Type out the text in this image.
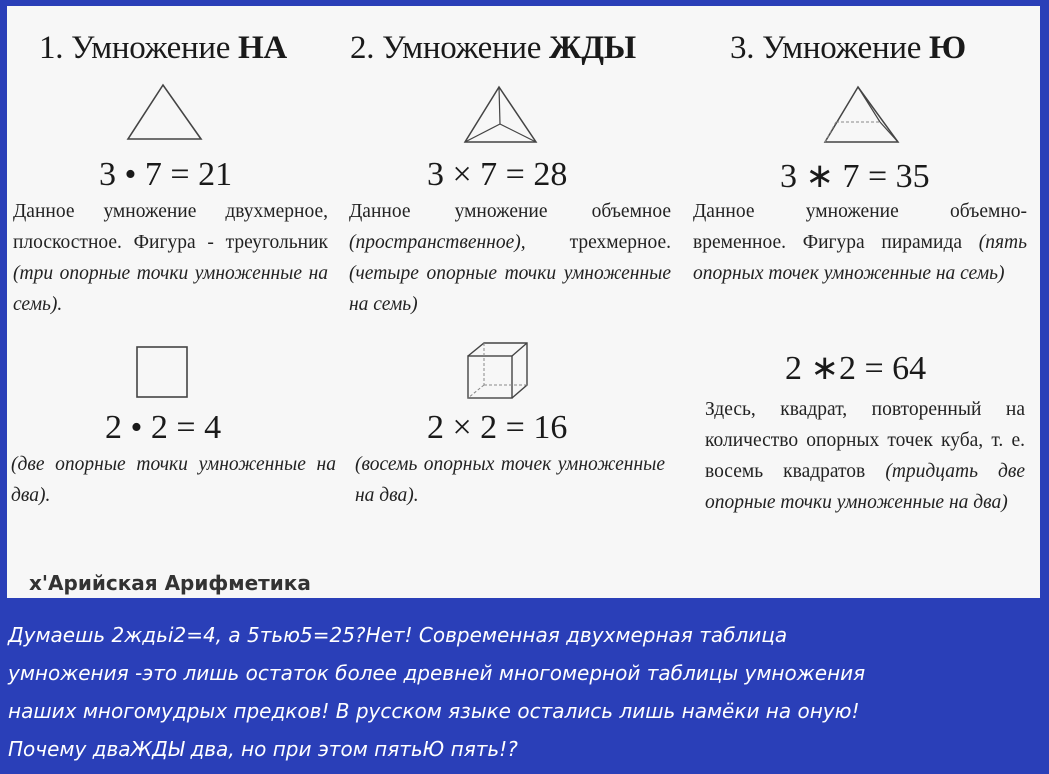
1. Умножение НА
3 • 7 = 21
Данное умножение двухмерное, плоскостное. Фигура - треугольник (три опорные точки умноженные на семь).
2 • 2 = 4
(две опорные точки умноженные на два).
2. Умножение ЖДЫ
3 × 7 = 28
Данное умножение объемное (пространственное), трехмерное. (четыре опорные точки умноженные на семь)
2 × 2 = 16
(восемь опорных точек умноженные на два).
3. Умножение Ю
3 ∗ 7 = 35
Данное умножение объемно-временное. Фигура пирамида (пять опорных точек умноженные на семь)
2 ∗2 = 64
Здесь, квадрат, повторенный на количество опорных точек куба, т. е. восемь квадратов (тридцать две опорные точки умноженные на два)
х'Арийская Арифметика
Думаешь 2ждьі2=4, а 5тью5=25?Нет! Современная двухмерная таблица
умножения -это лишь остаток более древней многомерной таблицы умножения
наших многомудрых предков! В русском языке остались лишь намёки на оную!
Почему дваЖДЫ два, но при этом пятьЮ пять!?
